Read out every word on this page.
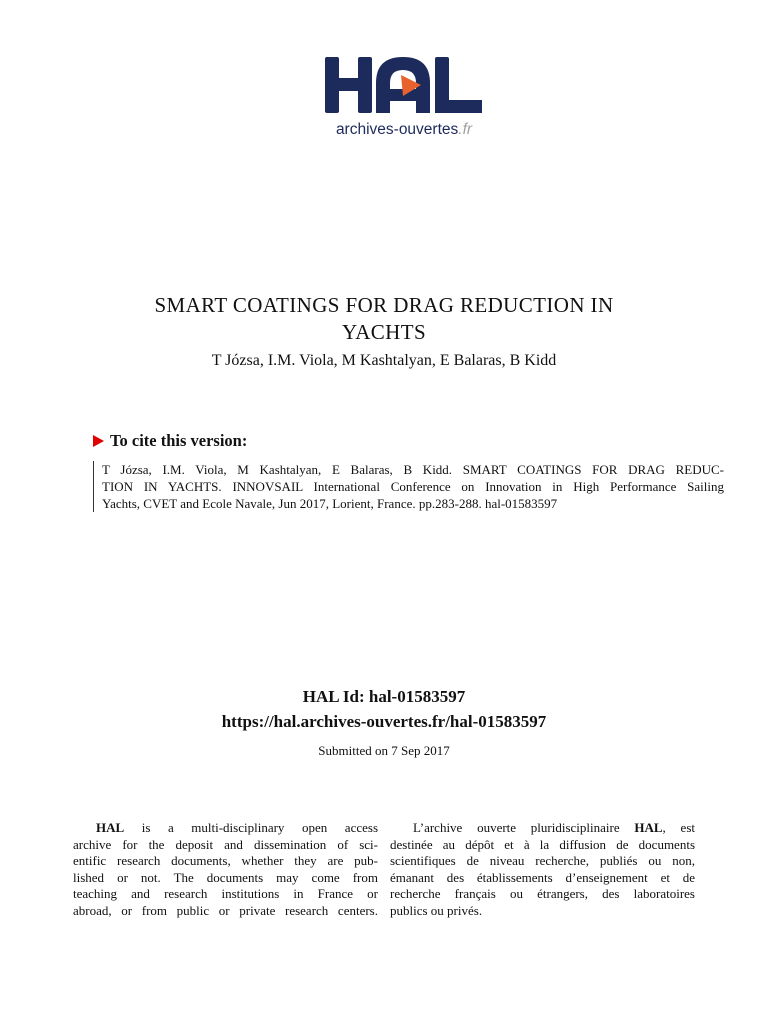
archives-ouvertes.fr
SMART COATINGS FOR DRAG REDUCTION IN
YACHTS
T Józsa, I.M. Viola, M Kashtalyan, E Balaras, B Kidd
To cite this version:
T Józsa, I.M. Viola, M Kashtalyan, E Balaras, B Kidd. SMART COATINGS FOR DRAG REDUC-
TION IN YACHTS. INNOVSAIL International Conference on Innovation in High Performance Sailing
Yachts, CVET and Ecole Navale, Jun 2017, Lorient, France. pp.283-288. hal-01583597
HAL Id: hal-01583597
https://hal.archives-ouvertes.fr/hal-01583597
Submitted on 7 Sep 2017
HAL is a multi-disciplinary open access
archive for the deposit and dissemination of sci-
entific research documents, whether they are pub-
lished or not. The documents may come from
teaching and research institutions in France or
abroad, or from public or private research centers.
L’archive ouverte pluridisciplinaire HAL, est
destinée au dépôt et à la diffusion de documents
scientifiques de niveau recherche, publiés ou non,
émanant des établissements d’enseignement et de
recherche français ou étrangers, des laboratoires
publics ou privés.
